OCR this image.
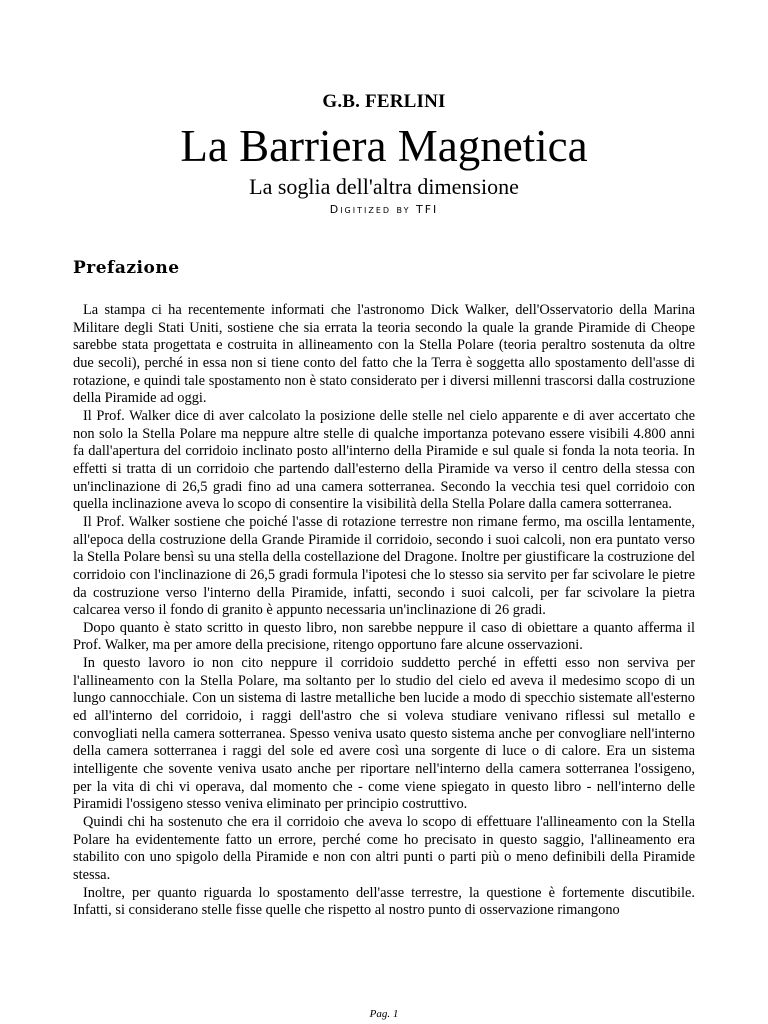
G.B. FERLINI
La Barriera Magnetica
La soglia dell'altra dimensione
Digitized by TFI
Prefazione

La stampa ci ha recentemente informati che l'astronomo Dick Walker, dell'Osservatorio della Marina Militare degli Stati Uniti, sostiene che sia errata la teoria secondo la quale la grande Piramide di Cheope sarebbe stata progettata e costruita in allineamento con la Stella Polare (teoria peraltro sostenuta da oltre due secoli), perché in essa non si tiene conto del fatto che la Terra è soggetta allo spostamento dell'asse di rotazione, e quindi tale spostamento non è stato considerato per i diversi millenni trascorsi dalla costruzione della Piramide ad oggi.

Il Prof. Walker dice di aver calcolato la posizione delle stelle nel cielo apparente e di aver accertato che non solo la Stella Polare ma neppure altre stelle di qualche importanza potevano essere visibili 4.800 anni fa dall'apertura del corridoio inclinato posto all'interno della Piramide e sul quale si fonda la nota teoria. In effetti si tratta di un corridoio che partendo dall'esterno della Piramide va verso il centro della stessa con un'inclinazione di 26,5 gradi fino ad una camera sotterranea. Secondo la vecchia tesi quel corridoio con quella inclinazione aveva lo scopo di consentire la visibilità della Stella Polare dalla camera sotterranea.

Il Prof. Walker sostiene che poiché l'asse di rotazione terrestre non rimane fermo, ma oscilla lentamente, all'epoca della costruzione della Grande Piramide il corridoio, secondo i suoi calcoli, non era puntato verso la Stella Polare bensì su una stella della costellazione del Dragone. Inoltre per giustificare la costruzione del corridoio con l'inclinazione di 26,5 gradi formula l'ipotesi che lo stesso sia servito per far scivolare le pietre da costruzione verso l'interno della Piramide, infatti, secondo i suoi calcoli, per far scivolare la pietra calcarea verso il fondo di granito è appunto necessaria un'inclinazione di 26 gradi.

Dopo quanto è stato scritto in questo libro, non sarebbe neppure il caso di obiettare a quanto afferma il Prof. Walker, ma per amore della precisione, ritengo opportuno fare alcune osservazioni.

In questo lavoro io non cito neppure il corridoio suddetto perché in effetti esso non serviva per l'allineamento con la Stella Polare, ma soltanto per lo studio del cielo ed aveva il medesimo scopo di un lungo cannocchiale. Con un sistema di lastre metalliche ben lucide a modo di specchio sistemate all'esterno ed all'interno del corridoio, i raggi dell'astro che si voleva studiare venivano riflessi sul metallo e convogliati nella camera sotterranea. Spesso veniva usato questo sistema anche per convogliare nell'interno della camera sotterranea i raggi del sole ed avere così una sorgente di luce o di calore. Era un sistema intelligente che sovente veniva usato anche per riportare nell'interno della camera sotterranea l'ossigeno, per la vita di chi vi operava, dal momento che - come viene spiegato in questo libro - nell'interno delle Piramidi l'ossigeno stesso veniva eliminato per principio costruttivo.

Quindi chi ha sostenuto che era il corridoio che aveva lo scopo di effettuare l'allineamento con la Stella Polare ha evidentemente fatto un errore, perché come ho precisato in questo saggio, l'allineamento era stabilito con uno spigolo della Piramide e non con altri punti o parti più o meno definibili della Piramide stessa.

Inoltre, per quanto riguarda lo spostamento dell'asse terrestre, la questione è fortemente discutibile. Infatti, si considerano stelle fisse quelle che rispetto al nostro punto di osservazione rimangono

Pag. 1
